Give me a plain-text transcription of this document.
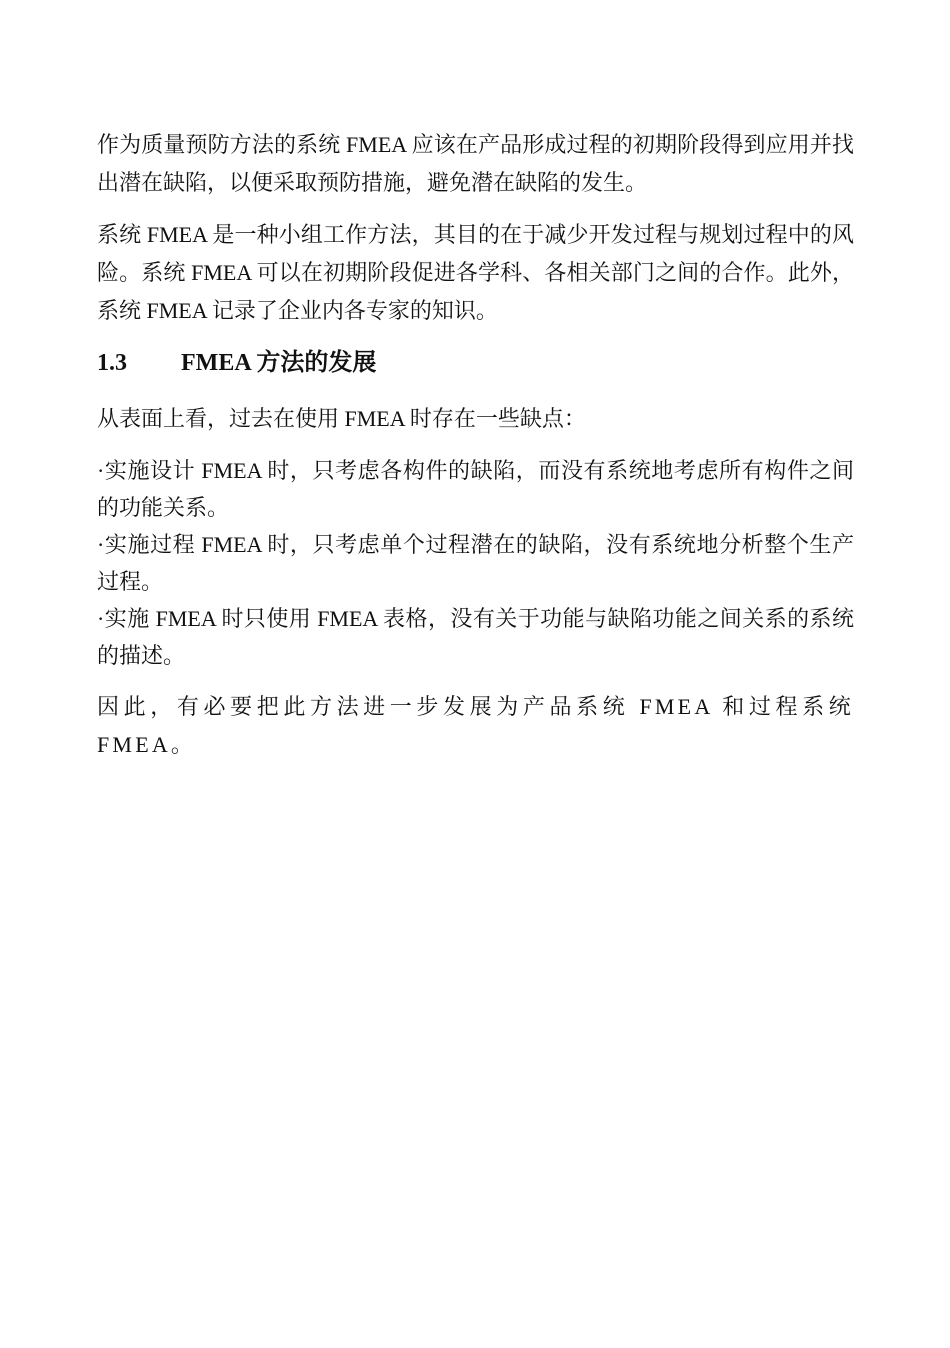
作为质量预防方法的系统 FMEA 应该在产品形成过程的初期阶段得到应用并找出潜在缺陷，以便采取预防措施，避免潜在缺陷的发生。

系统 FMEA 是一种小组工作方法，其目的在于减少开发过程与规划过程中的风险。系统 FMEA 可以在初期阶段促进各学科、各相关部门之间的合作。此外，系统 FMEA 记录了企业内各专家的知识。

1.3	FMEA 方法的发展

从表面上看，过去在使用 FMEA 时存在一些缺点：

·实施设计 FMEA 时，只考虑各构件的缺陷，而没有系统地考虑所有构件之间的功能关系。
·实施过程 FMEA 时，只考虑单个过程潜在的缺陷，没有系统地分析整个生产过程。
·实施 FMEA 时只使用 FMEA 表格，没有关于功能与缺陷功能之间关系的系统的描述。

因此，有必要把此方法进一步发展为产品系统 FMEA 和过程系统 FMEA。
